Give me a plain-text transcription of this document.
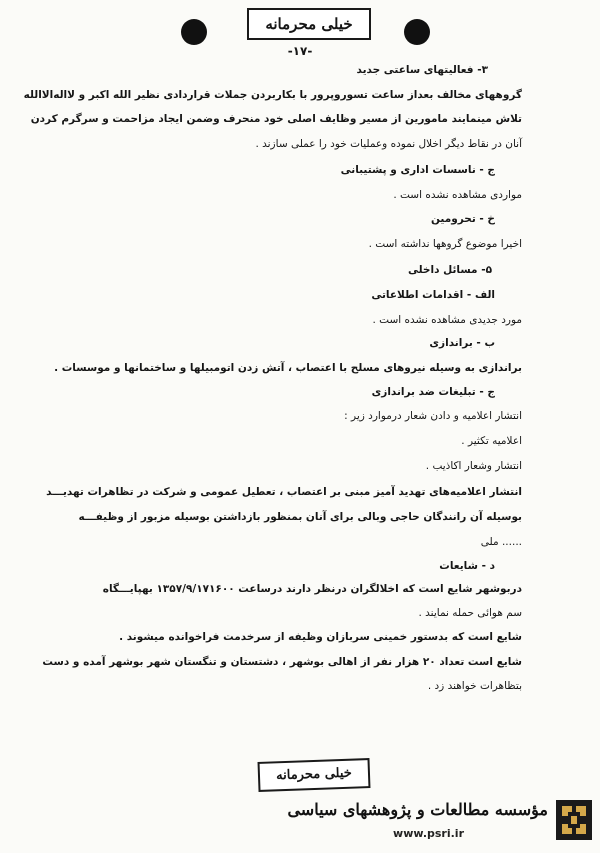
خیلی محرمانه
-۱۷-
۳- فعالیتهای ساعتی جدید
گروههای مخالف بعداز ساعت تسوروپرور با بکاربردن جملات قراردادی نظیر الله اکبر و لااله‌الاالله
تلاش مینمایند مامورین از مسیر وظایف اصلی خود منحرف وضمن ایجاد مزاحمت و سرگرم کردن
آنان در نقاط دیگر اخلال نموده وعملیات خود را عملی سازند .
ج - ناسسات اداری و پشتیبانی
مواردی مشاهده نشده است .
خ - تحرومین
اخیرا موضوع گروهها نداشته است .
۵- مسائل داخلی
الف - اقدامات اطلاعاتی
مورد جدیدی مشاهده نشده است .
ب - براندازی
براندازی به وسیله نیروهای مسلح با اعتصاب ، آتش زدن اتومبیلها و ساختمانها و موسسات .
ج - تبلیغات ضد براندازی
انتشار اعلامیه و دادن شعار درموارد زیر :
اعلامیه تکثیر .
انتشار وشعار اکاذیب .
انتشار اعلامیه‌های تهدید آمیز مبنی بر اعتصاب ، تعطیل عمومی و شرکت در تظاهرات تهدیـــد
بوسیله آن رانندگان حاجی وبالی برای آنان بمنظور بازداشتن بوسیله مزبور از وظیفـــه
...... ملی
د - شایعات
دربوشهر شایع است که اخلالگران درنظر دارند درساعت ۱۳۵۷/۹/۱۷۱۶۰۰ بهپایـــگاه
سم هوائی حمله نمایند .
شایع است که بدستور خمینی سربازان وظیفه از سرخدمت فراخوانده میشوند .
شایع است تعداد ۲۰ هزار نفر از اهالی بوشهر ، دشتستان و تنگستان شهر بوشهر آمده و دست
بتظاهرات خواهند زد .
خیلی محرمانه
مؤسسه مطالعات و پژوهشهای سیاسی
www.psri.ir
